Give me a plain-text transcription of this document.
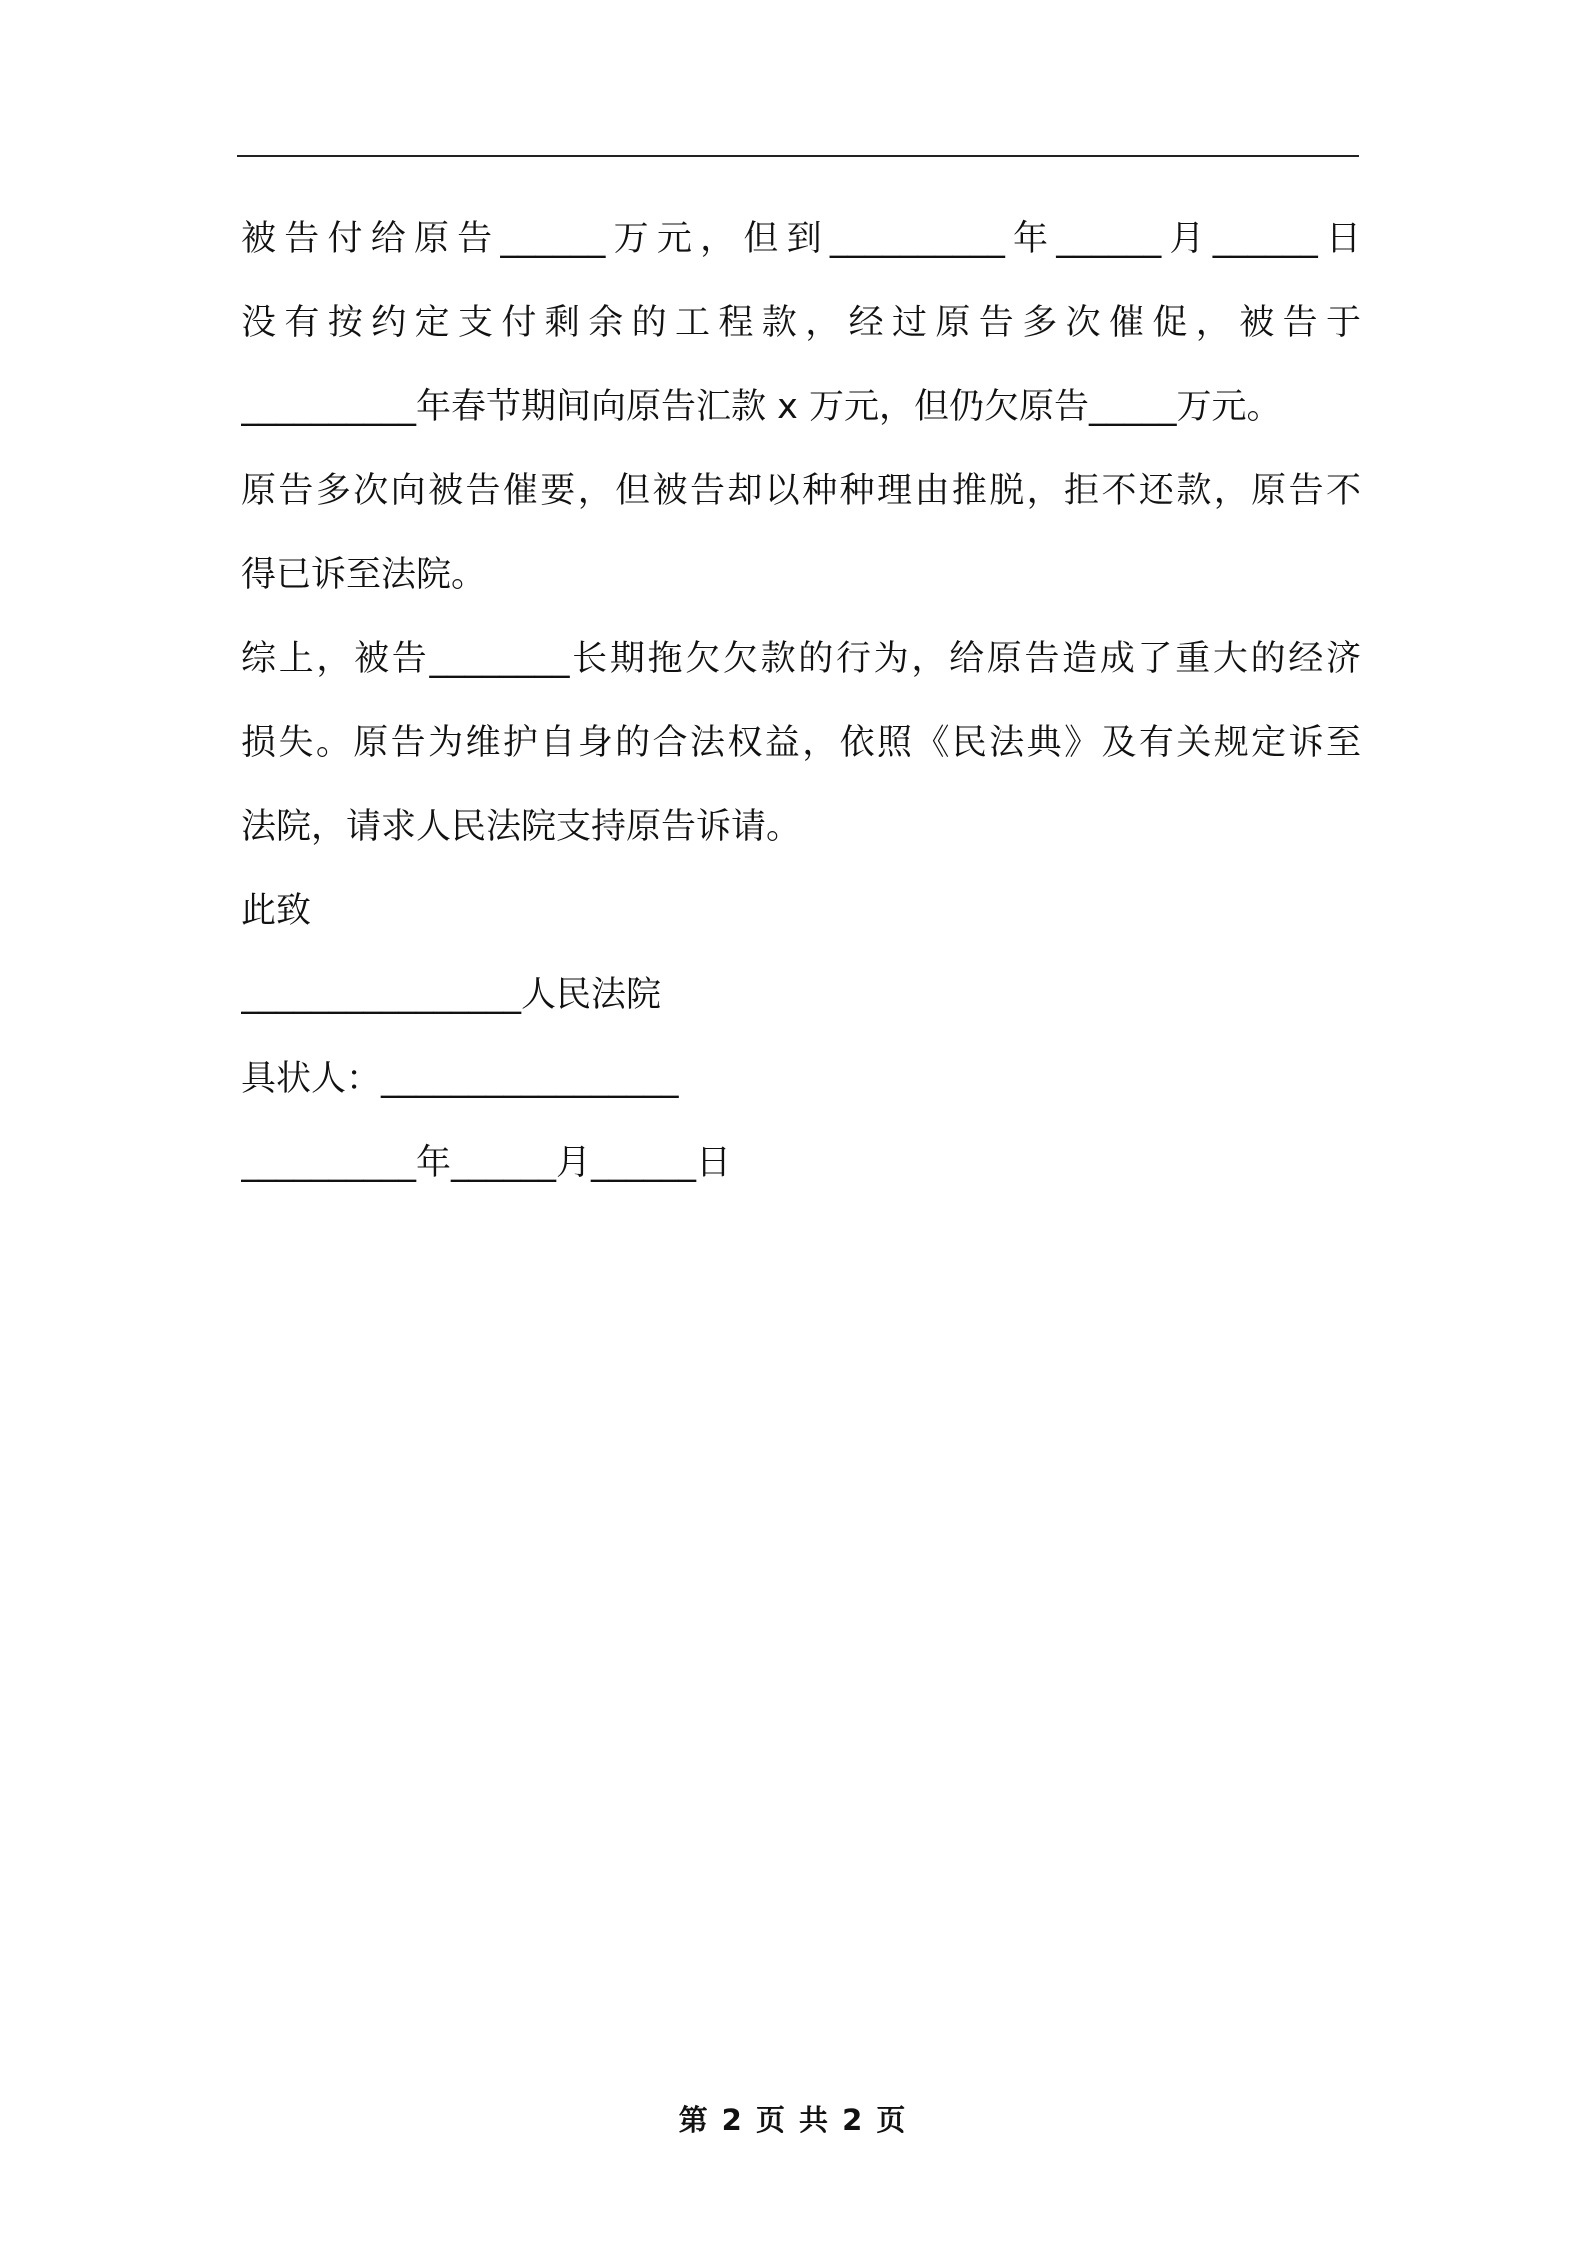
被告付给原告______万元，但到__________年______月______日
没有按约定支付剩余的工程款，经过原告多次催促，被告于
__________年春节期间向原告汇款 x 万元，但仍欠原告_____万元。
原告多次向被告催要，但被告却以种种理由推脱，拒不还款，原告不
得已诉至法院。
综上，被告________长期拖欠欠款的行为，给原告造成了重大的经济
损失。原告为维护自身的合法权益，依照《民法典》及有关规定诉至
法院，请求人民法院支持原告诉请。
此致
________________人民法院
具状人：_________________
__________年______月______日
第 2 页 共 2 页
